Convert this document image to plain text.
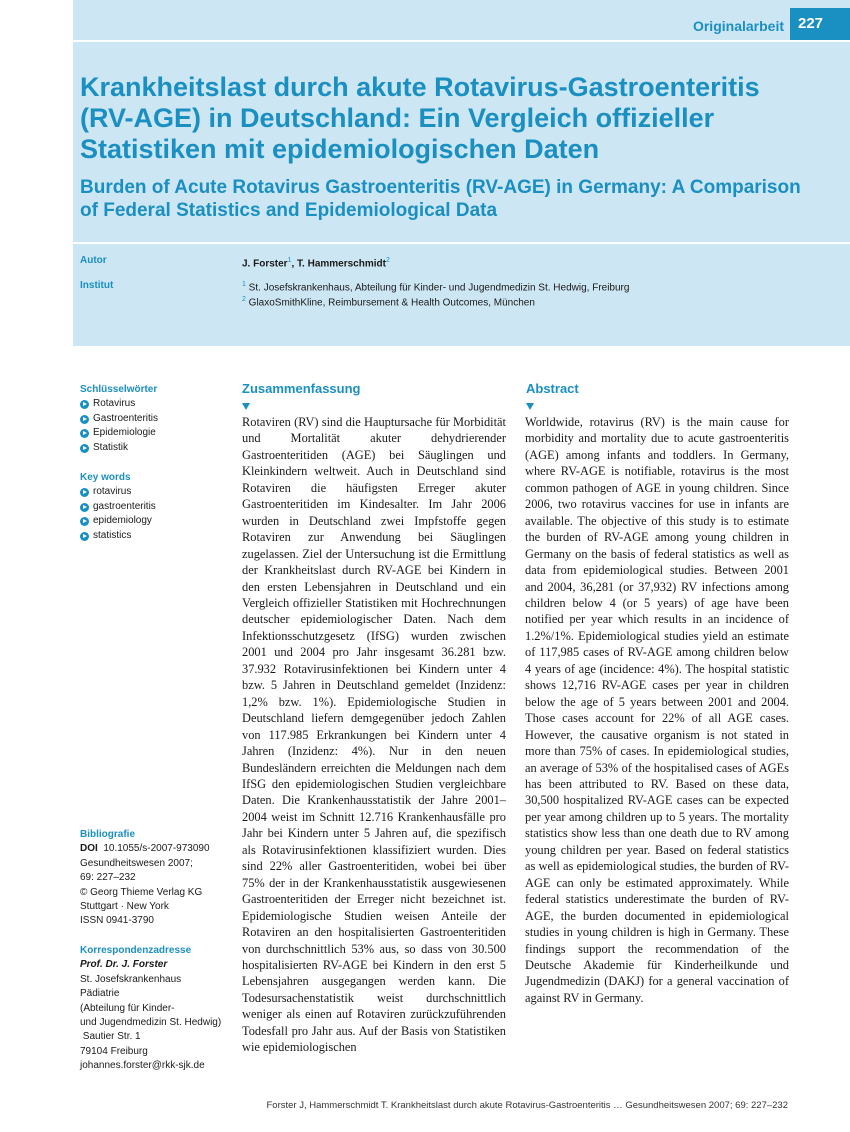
Originalarbeit 227
Krankheitslast durch akute Rotavirus-Gastroenteritis (RV-AGE) in Deutschland: Ein Vergleich offizieller Statistiken mit epidemiologischen Daten
Burden of Acute Rotavirus Gastroenteritis (RV-AGE) in Germany: A Comparison of Federal Statistics and Epidemiological Data
Autor	J. Forster$^1$, T. Hammerschmidt$^2$
Institut	$^1$ St. Josefskrankenhaus, Abteilung für Kinder- und Jugendmedizin St. Hedwig, Freiburg
$^2$ GlaxoSmithKline, Reimbursement & Health Outcomes, München
Schlüsselwörter
Rotavirus
Gastroenteritis
Epidemiologie
Statistik
Key words
rotavirus
gastroenteritis
epidemiology
statistics
Bibliografie
DOI 10.1055/s-2007-973090
Gesundheitswesen 2007;
69: 227–232
© Georg Thieme Verlag KG
Stuttgart · New York
ISSN 0941-3790
Korrespondenzadresse
Prof. Dr. J. Forster
St. Josefskrankenhaus
Pädiatrie
(Abteilung für Kinder-
und Jugendmedizin St. Hedwig)
Sautier Str. 1
79104 Freiburg
johannes.forster@rkk-sjk.de
Zusammenfassung

Rotaviren (RV) sind die Hauptursache für Morbidität und Mortalität akuter dehydrierender Gastroenteritiden (AGE) bei Säuglingen und Kleinkindern weltweit. Auch in Deutschland sind Rotaviren die häufigsten Erreger akuter Gastroenteritiden im Kindesalter. Im Jahr 2006 wurden in Deutschland zwei Impfstoffe gegen Rotaviren zur Anwendung bei Säuglingen zugelassen. Ziel der Untersuchung ist die Ermittlung der Krankheitslast durch RV-AGE bei Kindern in den ersten Lebensjahren in Deutschland und ein Vergleich offizieller Statistiken mit Hochrechnungen deutscher epidemiologischer Daten. Nach dem Infektionsschutzgesetz (IfSG) wurden zwischen 2001 und 2004 pro Jahr insgesamt 36.281 bzw. 37.932 Rotavirusinfektionen bei Kindern unter 4 bzw. 5 Jahren in Deutschland gemeldet (Inzidenz: 1,2% bzw. 1%). Epidemiologische Studien in Deutschland liefern demgegenüber jedoch Zahlen von 117.985 Erkrankungen bei Kindern unter 4 Jahren (Inzidenz: 4%). Nur in den neuen Bundesländern erreichten die Meldungen nach dem IfSG den epidemiologischen Studien vergleichbare Daten. Die Krankenhausstatistik der Jahre 2001–2004 weist im Schnitt 12.716 Krankenhausfälle pro Jahr bei Kindern unter 5 Jahren auf, die spezifisch als Rotavirusinfektionen klassifiziert wurden. Dies sind 22% aller Gastroenteritiden, wobei bei über 75% der in der Krankenhausstatistik ausgewiesenen Gastroenteritiden der Erreger nicht bezeichnet ist. Epidemiologische Studien weisen Anteile der Rotaviren an den hospitalisierten Gastroenteritiden von durchschnittlich 53% aus, so dass von 30.500 hospitalisierten RV-AGE bei Kindern in den erst 5 Lebensjahren ausgegangen werden kann. Die Todesursachenstatistik weist durchschnittlich weniger als einen auf Rotaviren zurückzuführenden Todesfall pro Jahr aus. Auf der Basis von Statistiken wie epidemiologischen

Abstract

Worldwide, rotavirus (RV) is the main cause for morbidity and mortality due to acute gastroenteritis (AGE) among infants and toddlers. In Germany, where RV-AGE is notifiable, rotavirus is the most common pathogen of AGE in young children. Since 2006, two rotavirus vaccines for use in infants are available. The objective of this study is to estimate the burden of RV-AGE among young children in Germany on the basis of federal statistics as well as data from epidemiological studies. Between 2001 and 2004, 36,281 (or 37,932) RV infections among children below 4 (or 5 years) of age have been notified per year which results in an incidence of 1.2%/1%. Epidemiological studies yield an estimate of 117,985 cases of RV-AGE among children below 4 years of age (incidence: 4%). The hospital statistic shows 12,716 RV-AGE cases per year in children below the age of 5 years between 2001 and 2004. Those cases account for 22% of all AGE cases. However, the causative organism is not stated in more than 75% of cases. In epidemiological studies, an average of 53% of the hospitalised cases of AGEs has been attributed to RV. Based on these data, 30,500 hospitalized RV-AGE cases can be expected per year among children up to 5 years. The mortality statistics show less than one death due to RV among young children per year. Based on federal statistics as well as epidemiological studies, the burden of RV-AGE can only be estimated approximately. While federal statistics underestimate the burden of RV-AGE, the burden documented in epidemiological studies in young children is high in Germany. These findings support the recommendation of the Deutsche Akademie für Kinderheilkunde und Jugendmedizin (DAKJ) for a general vaccination of against RV in Germany.

Forster J, Hammerschmidt T. Krankheitslast durch akute Rotavirus-Gastroenteritis … Gesundheitswesen 2007; 69: 227–232
